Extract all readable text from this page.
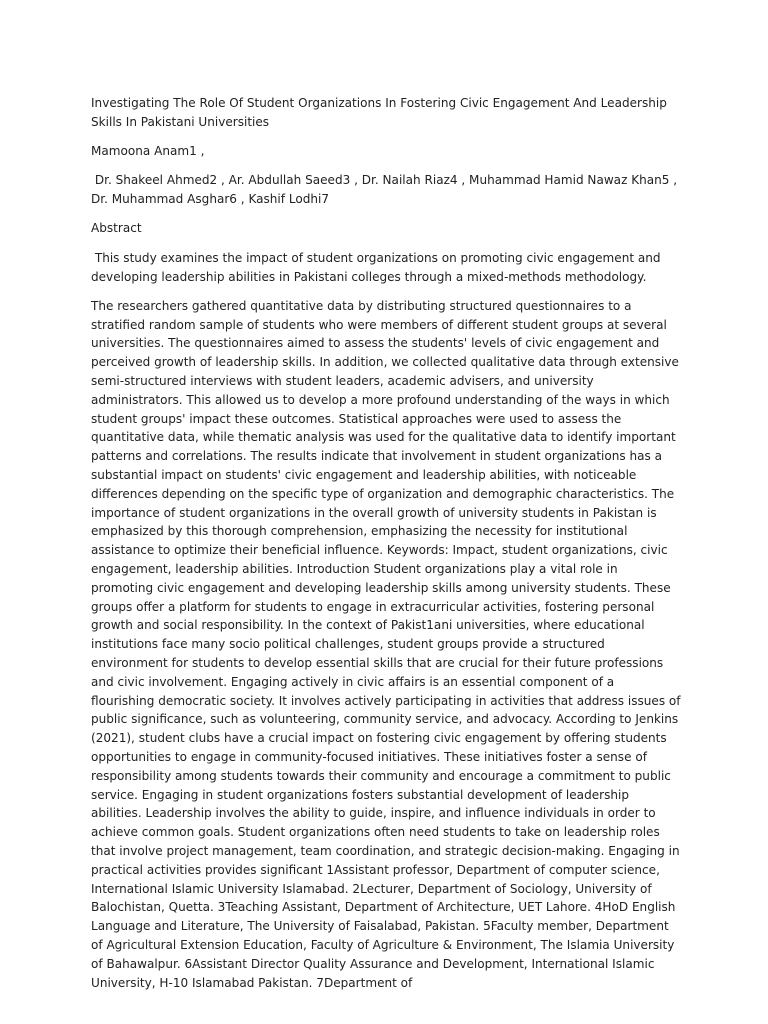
Investigating The Role Of Student Organizations In Fostering Civic Engagement And Leadership Skills In Pakistani Universities

Mamoona Anam1 ,

Dr. Shakeel Ahmed2 , Ar. Abdullah Saeed3 , Dr. Nailah Riaz4 , Muhammad Hamid Nawaz Khan5 , Dr. Muhammad Asghar6 , Kashif Lodhi7

Abstract

This study examines the impact of student organizations on promoting civic engagement and developing leadership abilities in Pakistani colleges through a mixed-methods methodology.

The researchers gathered quantitative data by distributing structured questionnaires to a stratified random sample of students who were members of different student groups at several universities. The questionnaires aimed to assess the students' levels of civic engagement and perceived growth of leadership skills. In addition, we collected qualitative data through extensive semi-structured interviews with student leaders, academic advisers, and university administrators. This allowed us to develop a more profound understanding of the ways in which student groups' impact these outcomes. Statistical approaches were used to assess the quantitative data, while thematic analysis was used for the qualitative data to identify important patterns and correlations. The results indicate that involvement in student organizations has a substantial impact on students' civic engagement and leadership abilities, with noticeable differences depending on the specific type of organization and demographic characteristics. The importance of student organizations in the overall growth of university students in Pakistan is emphasized by this thorough comprehension, emphasizing the necessity for institutional assistance to optimize their beneficial influence. Keywords: Impact, student organizations, civic engagement, leadership abilities. Introduction Student organizations play a vital role in promoting civic engagement and developing leadership skills among university students. These groups offer a platform for students to engage in extracurricular activities, fostering personal growth and social responsibility. In the context of Pakist1ani universities, where educational institutions face many socio political challenges, student groups provide a structured environment for students to develop essential skills that are crucial for their future professions and civic involvement. Engaging actively in civic affairs is an essential component of a flourishing democratic society. It involves actively participating in activities that address issues of public significance, such as volunteering, community service, and advocacy. According to Jenkins (2021), student clubs have a crucial impact on fostering civic engagement by offering students opportunities to engage in community-focused initiatives. These initiatives foster a sense of responsibility among students towards their community and encourage a commitment to public service. Engaging in student organizations fosters substantial development of leadership abilities. Leadership involves the ability to guide, inspire, and influence individuals in order to achieve common goals. Student organizations often need students to take on leadership roles that involve project management, team coordination, and strategic decision-making. Engaging in practical activities provides significant 1Assistant professor, Department of computer science, International Islamic University Islamabad. 2Lecturer, Department of Sociology, University of Balochistan, Quetta. 3Teaching Assistant, Department of Architecture, UET Lahore. 4HoD English Language and Literature, The University of Faisalabad, Pakistan. 5Faculty member, Department of Agricultural Extension Education, Faculty of Agriculture & Environment, The Islamia University of Bahawalpur. 6Assistant Director Quality Assurance and Development, International Islamic University, H-10 Islamabad Pakistan. 7Department of
